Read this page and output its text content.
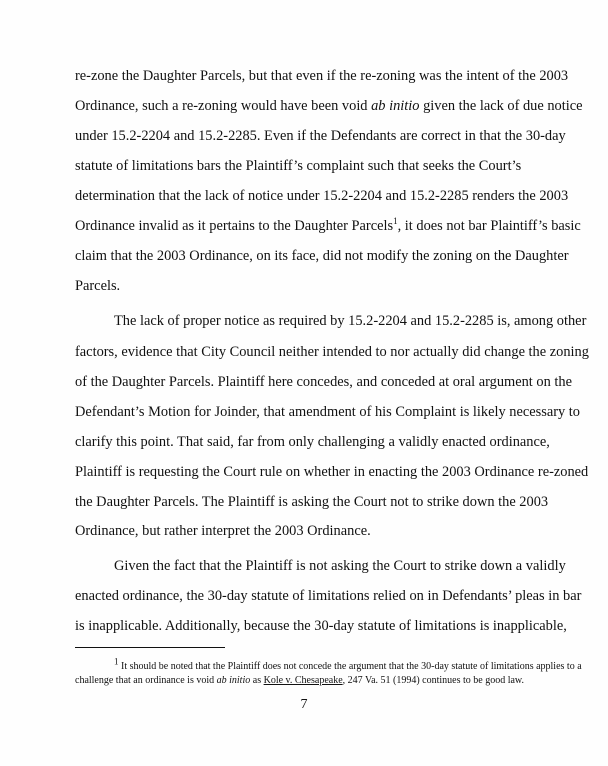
re-zone the Daughter Parcels, but that even if the re-zoning was the intent of the 2003
Ordinance, such a re-zoning would have been void ab initio given the lack of due notice
under 15.2-2204 and 15.2-2285. Even if the Defendants are correct in that the 30-day
statute of limitations bars the Plaintiff’s complaint such that seeks the Court’s
determination that the lack of notice under 15.2-2204 and 15.2-2285 renders the 2003
Ordinance invalid as it pertains to the Daughter Parcels$^1$, it does not bar Plaintiff’s basic
claim that the 2003 Ordinance, on its face, did not modify the zoning on the Daughter
Parcels.
The lack of proper notice as required by 15.2-2204 and 15.2-2285 is, among other
factors, evidence that City Council neither intended to nor actually did change the zoning
of the Daughter Parcels. Plaintiff here concedes, and conceded at oral argument on the
Defendant’s Motion for Joinder, that amendment of his Complaint is likely necessary to
clarify this point. That said, far from only challenging a validly enacted ordinance,
Plaintiff is requesting the Court rule on whether in enacting the 2003 Ordinance re-zoned
the Daughter Parcels. The Plaintiff is asking the Court not to strike down the 2003
Ordinance, but rather interpret the 2003 Ordinance.
Given the fact that the Plaintiff is not asking the Court to strike down a validly
enacted ordinance, the 30-day statute of limitations relied on in Defendants’ pleas in bar
is inapplicable. Additionally, because the 30-day statute of limitations is inapplicable,
$^1$ It should be noted that the Plaintiff does not concede the argument that the 30-day statute of limitations applies to a
challenge that an ordinance is void ab initio as Kole v. Chesapeake, 247 Va. 51 (1994) continues to be good law.
7
